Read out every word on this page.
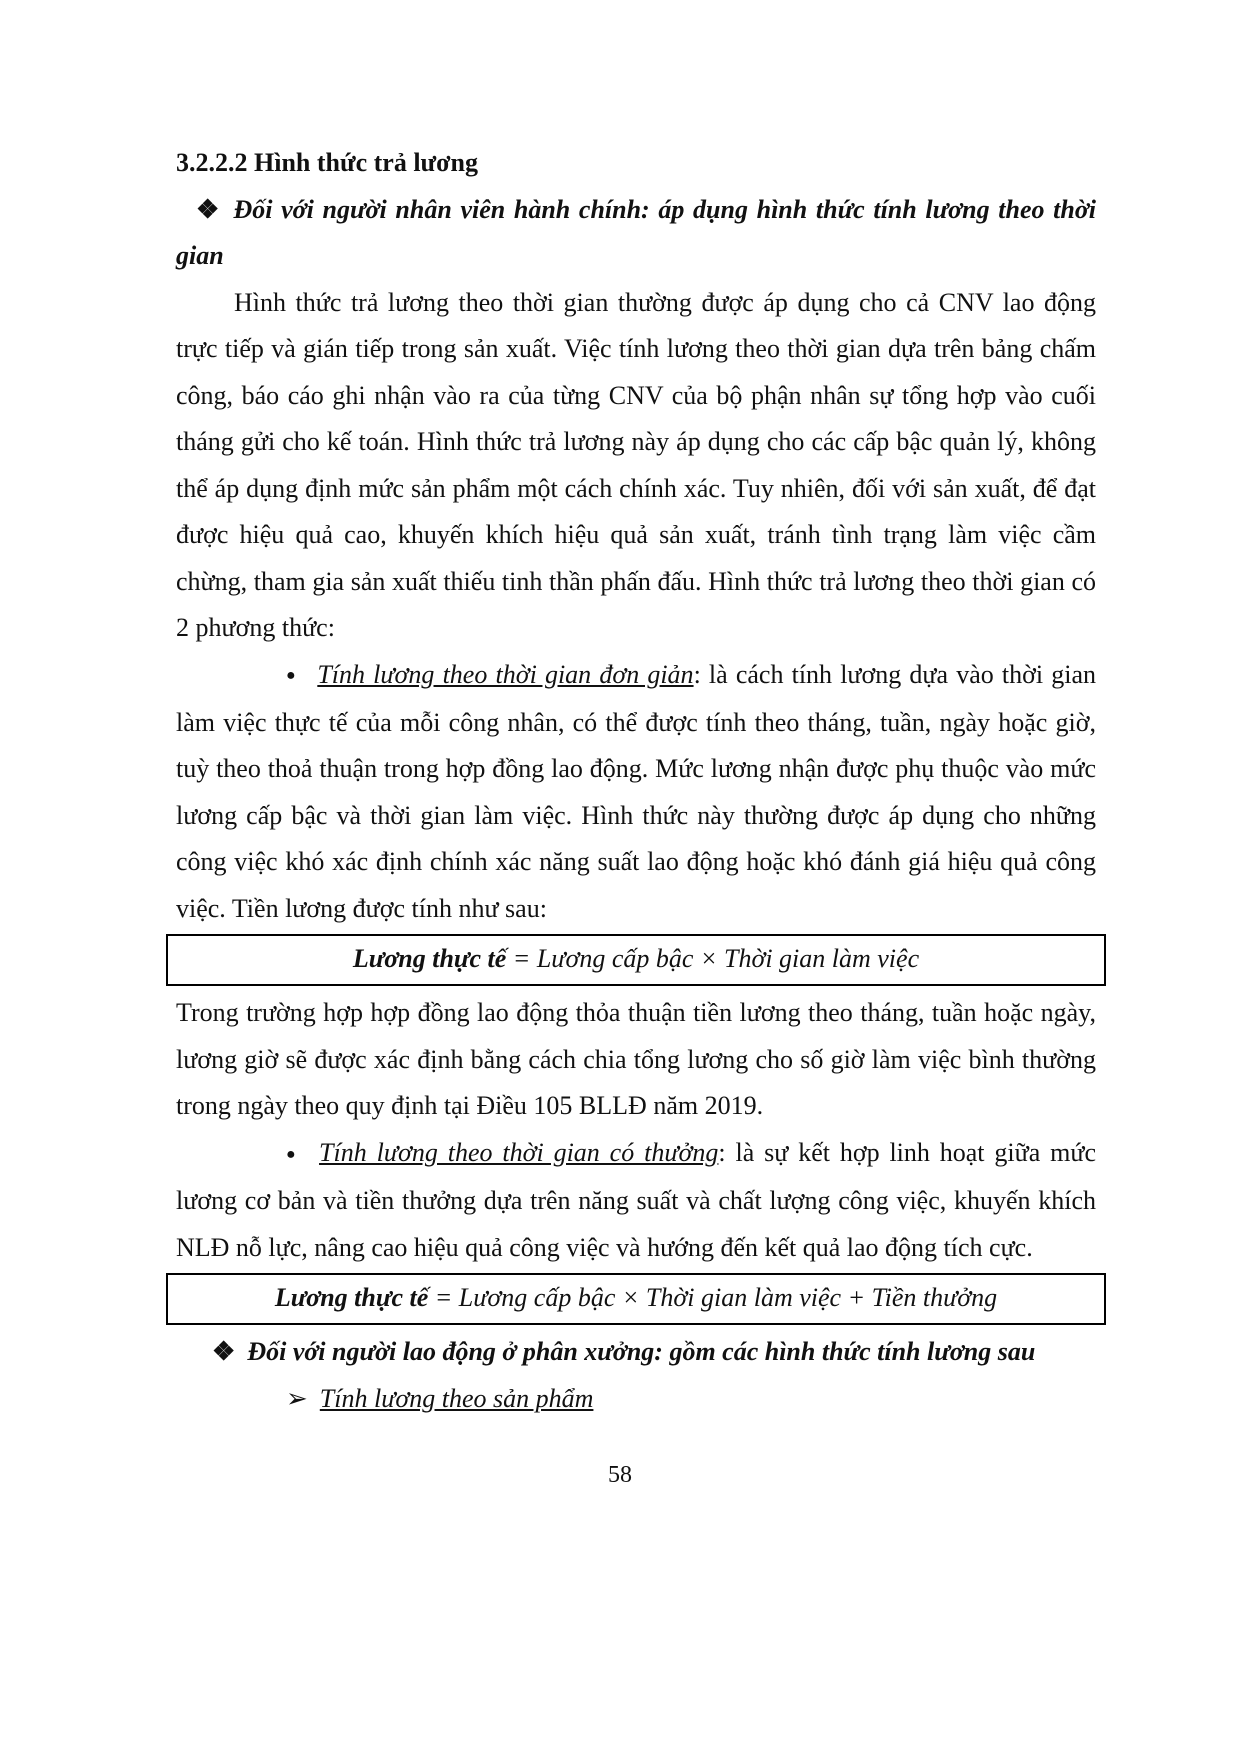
3.2.2.2 Hình thức trả lương
❖ Đối với người nhân viên hành chính: áp dụng hình thức tính lương theo thời gian

Hình thức trả lương theo thời gian thường được áp dụng cho cả CNV lao động trực tiếp và gián tiếp trong sản xuất. Việc tính lương theo thời gian dựa trên bảng chấm công, báo cáo ghi nhận vào ra của từng CNV của bộ phận nhân sự tổng hợp vào cuối tháng gửi cho kế toán. Hình thức trả lương này áp dụng cho các cấp bậc quản lý, không thể áp dụng định mức sản phẩm một cách chính xác. Tuy nhiên, đối với sản xuất, để đạt được hiệu quả cao, khuyến khích hiệu quả sản xuất, tránh tình trạng làm việc cầm chừng, tham gia sản xuất thiếu tinh thần phấn đấu. Hình thức trả lương theo thời gian có 2 phương thức:

● Tính lương theo thời gian đơn giản: là cách tính lương dựa vào thời gian làm việc thực tế của mỗi công nhân, có thể được tính theo tháng, tuần, ngày hoặc giờ, tuỳ theo thoả thuận trong hợp đồng lao động. Mức lương nhận được phụ thuộc vào mức lương cấp bậc và thời gian làm việc. Hình thức này thường được áp dụng cho những công việc khó xác định chính xác năng suất lao động hoặc khó đánh giá hiệu quả công việc. Tiền lương được tính như sau:

Lương thực tế = Lương cấp bậc × Thời gian làm việc

Trong trường hợp hợp đồng lao động thỏa thuận tiền lương theo tháng, tuần hoặc ngày, lương giờ sẽ được xác định bằng cách chia tổng lương cho số giờ làm việc bình thường trong ngày theo quy định tại Điều 105 BLLĐ năm 2019.

● Tính lương theo thời gian có thưởng: là sự kết hợp linh hoạt giữa mức lương cơ bản và tiền thưởng dựa trên năng suất và chất lượng công việc, khuyến khích NLĐ nỗ lực, nâng cao hiệu quả công việc và hướng đến kết quả lao động tích cực.

Lương thực tế = Lương cấp bậc × Thời gian làm việc + Tiền thưởng
❖ Đối với người lao động ở phân xưởng: gồm các hình thức tính lương sau
➢ Tính lương theo sản phẩm
58
